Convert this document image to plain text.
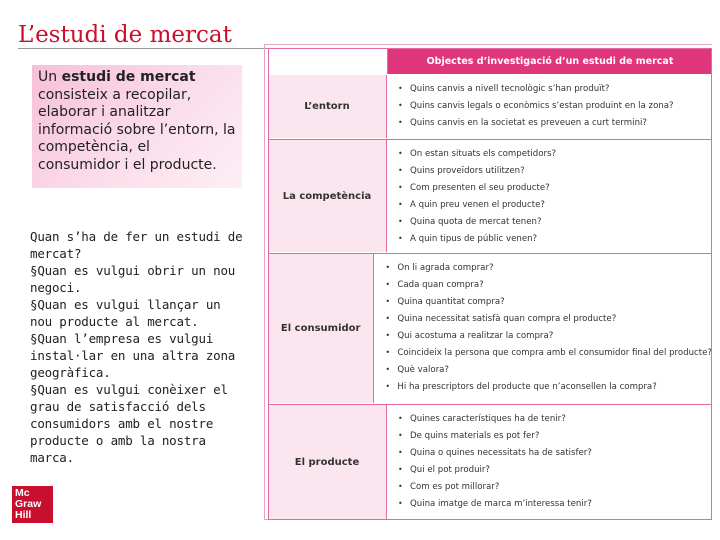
L’estudi de mercat
Un estudi de mercat consisteix a recopilar, elaborar i analitzar informació sobre l’entorn, la competència, el consumidor i el producte.
Quan s’ha de fer un estudi de mercat?
§Quan es vulgui obrir un nou negoci.
§Quan es vulgui llançar un nou producte al mercat.
§Quan l’empresa es vulgui instal·lar en una altra zona geogràfica.
§Quan es vulgui conèixer el grau de satisfacció dels consumidors amb el nostre producte o amb la nostra marca.
Mc
Graw
Hill
Objectes d’investigació d’un estudi de mercat
L’entorn
• Quins canvis a nivell tecnològic s’han produït?
• Quins canvis legals o econòmics s’estan produint en la zona?
• Quins canvis en la societat es preveuen a curt termini?
La competència
• On estan situats els competidors?
• Quins proveïdors utilitzen?
• Com presenten el seu producte?
• A quin preu venen el producte?
• Quina quota de mercat tenen?
• A quin tipus de públic venen?
El consumidor
• On li agrada comprar?
• Cada quan compra?
• Quina quantitat compra?
• Quina necessitat satisfà quan compra el producte?
• Qui acostuma a realitzar la compra?
• Coincideix la persona que compra amb el consumidor final del producte?
• Què valora?
• Hi ha prescriptors del producte que n’aconsellen la compra?
El producte
• Quines característiques ha de tenir?
• De quins materials es pot fer?
• Quina o quines necessitats ha de satisfer?
• Qui el pot produir?
• Com es pot millorar?
• Quina imatge de marca m’interessa tenir?
